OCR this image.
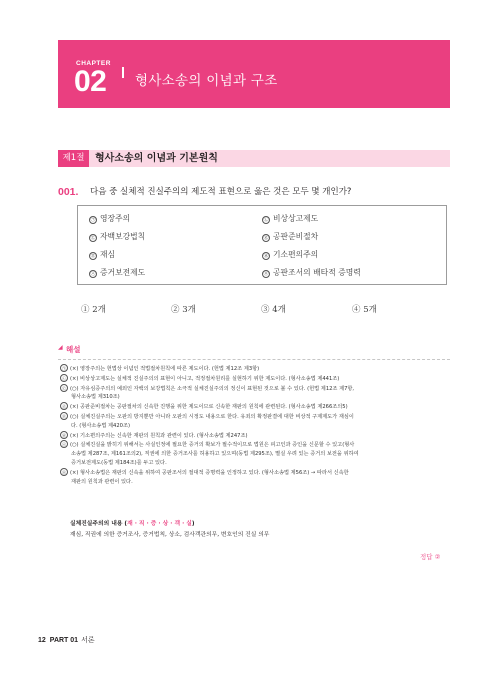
CHAPTER
02 형사소송의 이념과 구조
제1절	형사소송의 이념과 기본원칙
001. 다음 중 실체적 진실주의의 제도적 표현으로 옳은 것은 모두 몇 개인가?
㉠ 영장주의	㉡ 비상상고제도
㉢ 자백보강법칙	㉣ 공판준비절차
㉤ 재심	㉥ 기소편의주의
㉦ 증거보전제도	㉧ 공판조서의 배타적 증명력
① 2개	② 3개	③ 4개	④ 5개
◢ 해설
㉠ (×) 영장주의는 헌법상 이념인 적법절차원칙에 따른 제도이다. (헌법 제12조 제3항)
㉡ (×) 비상상고제도는 실체적 진실주의의 표현이 아니고, 적정절차원리를 실현하기 위한 제도이다. (형사소송법 제441조)
㉢ (○) 자유심증주의의 예외인 자백의 보강법칙은 소극적 실체진실주의의 정신이 표현된 것으로 볼 수 있다. (헌법 제12조 제7항,
형사소송법 제310조)
㉣ (×) 공판준비절차는 공판절차의 신속한 진행을 위한 제도이므로 신속한 재판의 원칙에 관련된다. (형사소송법 제266조의5)
㉤ (○) 실체진실주의는 오판의 방지뿐만 아니라 오판의 시정도 내용으로 한다. 유죄의 확정판결에 대한 비상적 구제제도가 재심이
다. (형사소송법 제420조)
㉥ (×) 기소편의주의는 신속한 재판의 원칙과 관련이 있다. (형사소송법 제247조)
㉦ (○) 실체진실을 밝히기 위해서는 사실인정에 필요한 증거의 확보가 필수적이므로 법원은 피고인과 증인을 신문할 수 있고(형사
소송법 제287조, 제161조의2), 직권에 의한 증거조사를 허용하고 있으며(동법 제295조), 멸실 우려 있는 증거의 보전을 위하여
증거보전제도(동법 제184조)를 두고 있다.
㉧ (×) 형사소송법은 재판의 신속을 위하여 공판조서의 절대적 증명력을 인정하고 있다. (형사소송법 제56조) → 따라서 신속한
재판의 원칙과 관련이 있다.
실체진실주의의 내용 (재 · 직 · 증 · 상 · 객 · 실)
재심, 직권에 의한 증거조사, 증거법칙, 상소, 검사객관의무, 변호인의 진실 의무
정답 ②
12 PART 01 서론
